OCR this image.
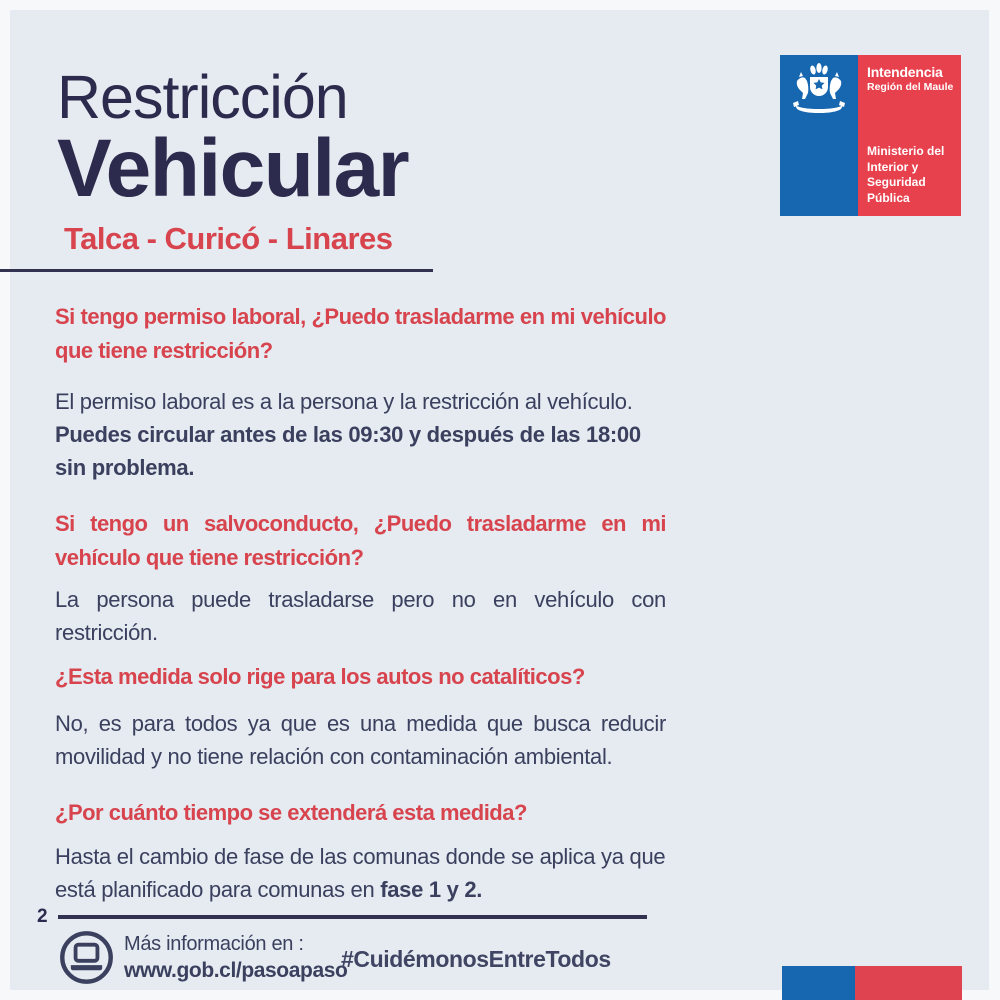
Restricción
Vehicular
Talca - Curicó - Linares
Intendencia
Región del Maule
Ministerio del
Interior y
Seguridad Pública
Si tengo permiso laboral, ¿Puedo trasladarme en mi vehículo que tiene restricción?

El permiso laboral es a la persona y la restricción al vehículo. Puedes circular antes de las 09:30 y después de las 18:00 sin problema.

Si tengo un salvoconducto, ¿Puedo trasladarme en mi vehículo que tiene restricción?

La persona puede trasladarse pero no en vehículo con restricción.

¿Esta medida solo rige para los autos no catalíticos?

No, es para todos ya que es una medida que busca reducir movilidad y no tiene relación con contaminación ambiental.

¿Por cuánto tiempo se extenderá esta medida?

Hasta el cambio de fase de las comunas donde se aplica ya que está planificado para comunas en fase 1 y 2.

2
Más información en :
www.gob.cl/pasoapaso
#CuidémonosEntreTodos
